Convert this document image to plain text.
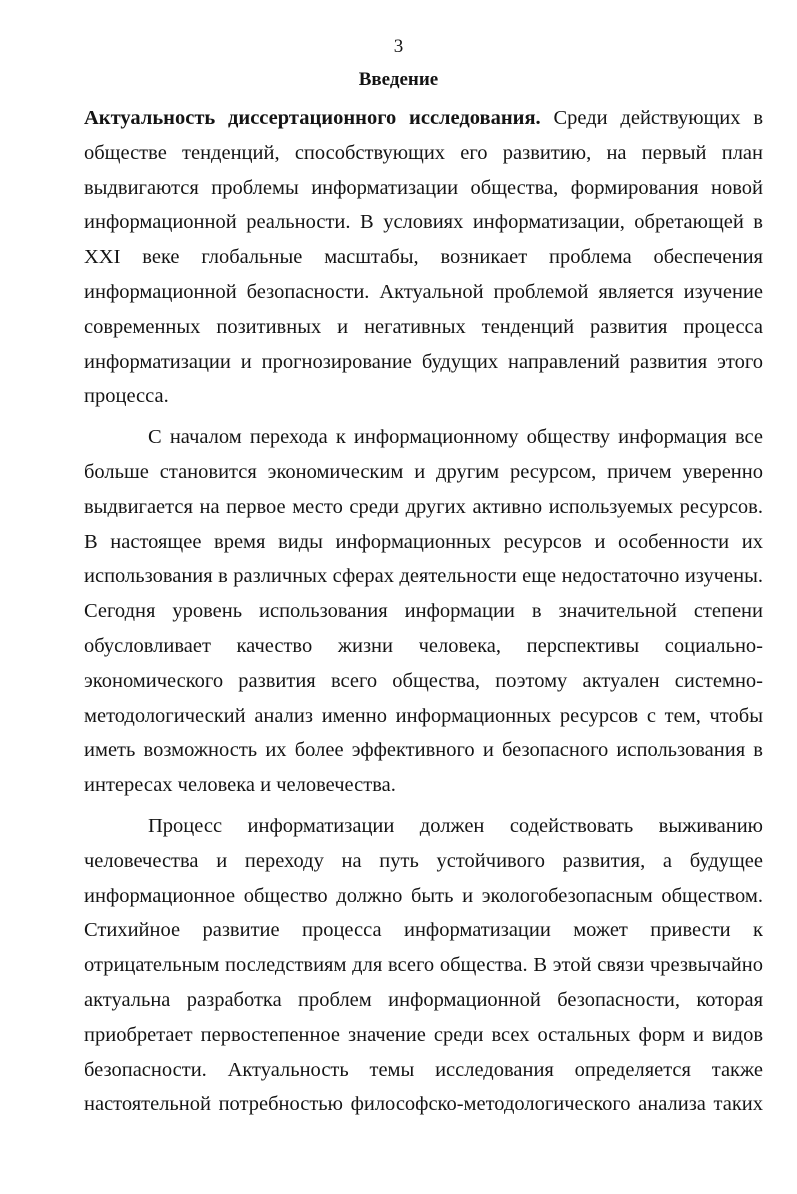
3
Введение
Актуальность диссертационного исследования. Среди действующих в
обществе тенденций, способствующих его развитию, на первый план
выдвигаются проблемы информатизации общества, формирования новой
информационной реальности. В условиях информатизации, обретающей в
XXI веке глобальные масштабы, возникает проблема обеспечения
информационной безопасности. Актуальной проблемой является изучение
современных позитивных и негативных тенденций развития процесса
информатизации и прогнозирование будущих направлений развития этого
процесса.
С началом перехода к информационному обществу информация все
больше становится экономическим и другим ресурсом, причем уверенно
выдвигается на первое место среди других активно используемых ресурсов.
В настоящее время виды информационных ресурсов и особенности их
использования в различных сферах деятельности еще недостаточно изучены.
Сегодня уровень использования информации в значительной степени
обусловливает качество жизни человека, перспективы социально-
экономического развития всего общества, поэтому актуален системно-
методологический анализ именно информационных ресурсов с тем, чтобы
иметь возможность их более эффективного и безопасного использования в
интересах человека и человечества.
Процесс информатизации должен содействовать выживанию
человечества и переходу на путь устойчивого развития, а будущее
информационное общество должно быть и экологобезопасным обществом.
Стихийное развитие процесса информатизации может привести к
отрицательным последствиям для всего общества. В этой связи чрезвычайно
актуальна разработка проблем информационной безопасности, которая
приобретает первостепенное значение среди всех остальных форм и видов
безопасности. Актуальность темы исследования определяется также
настоятельной потребностью философско-методологического анализа таких
